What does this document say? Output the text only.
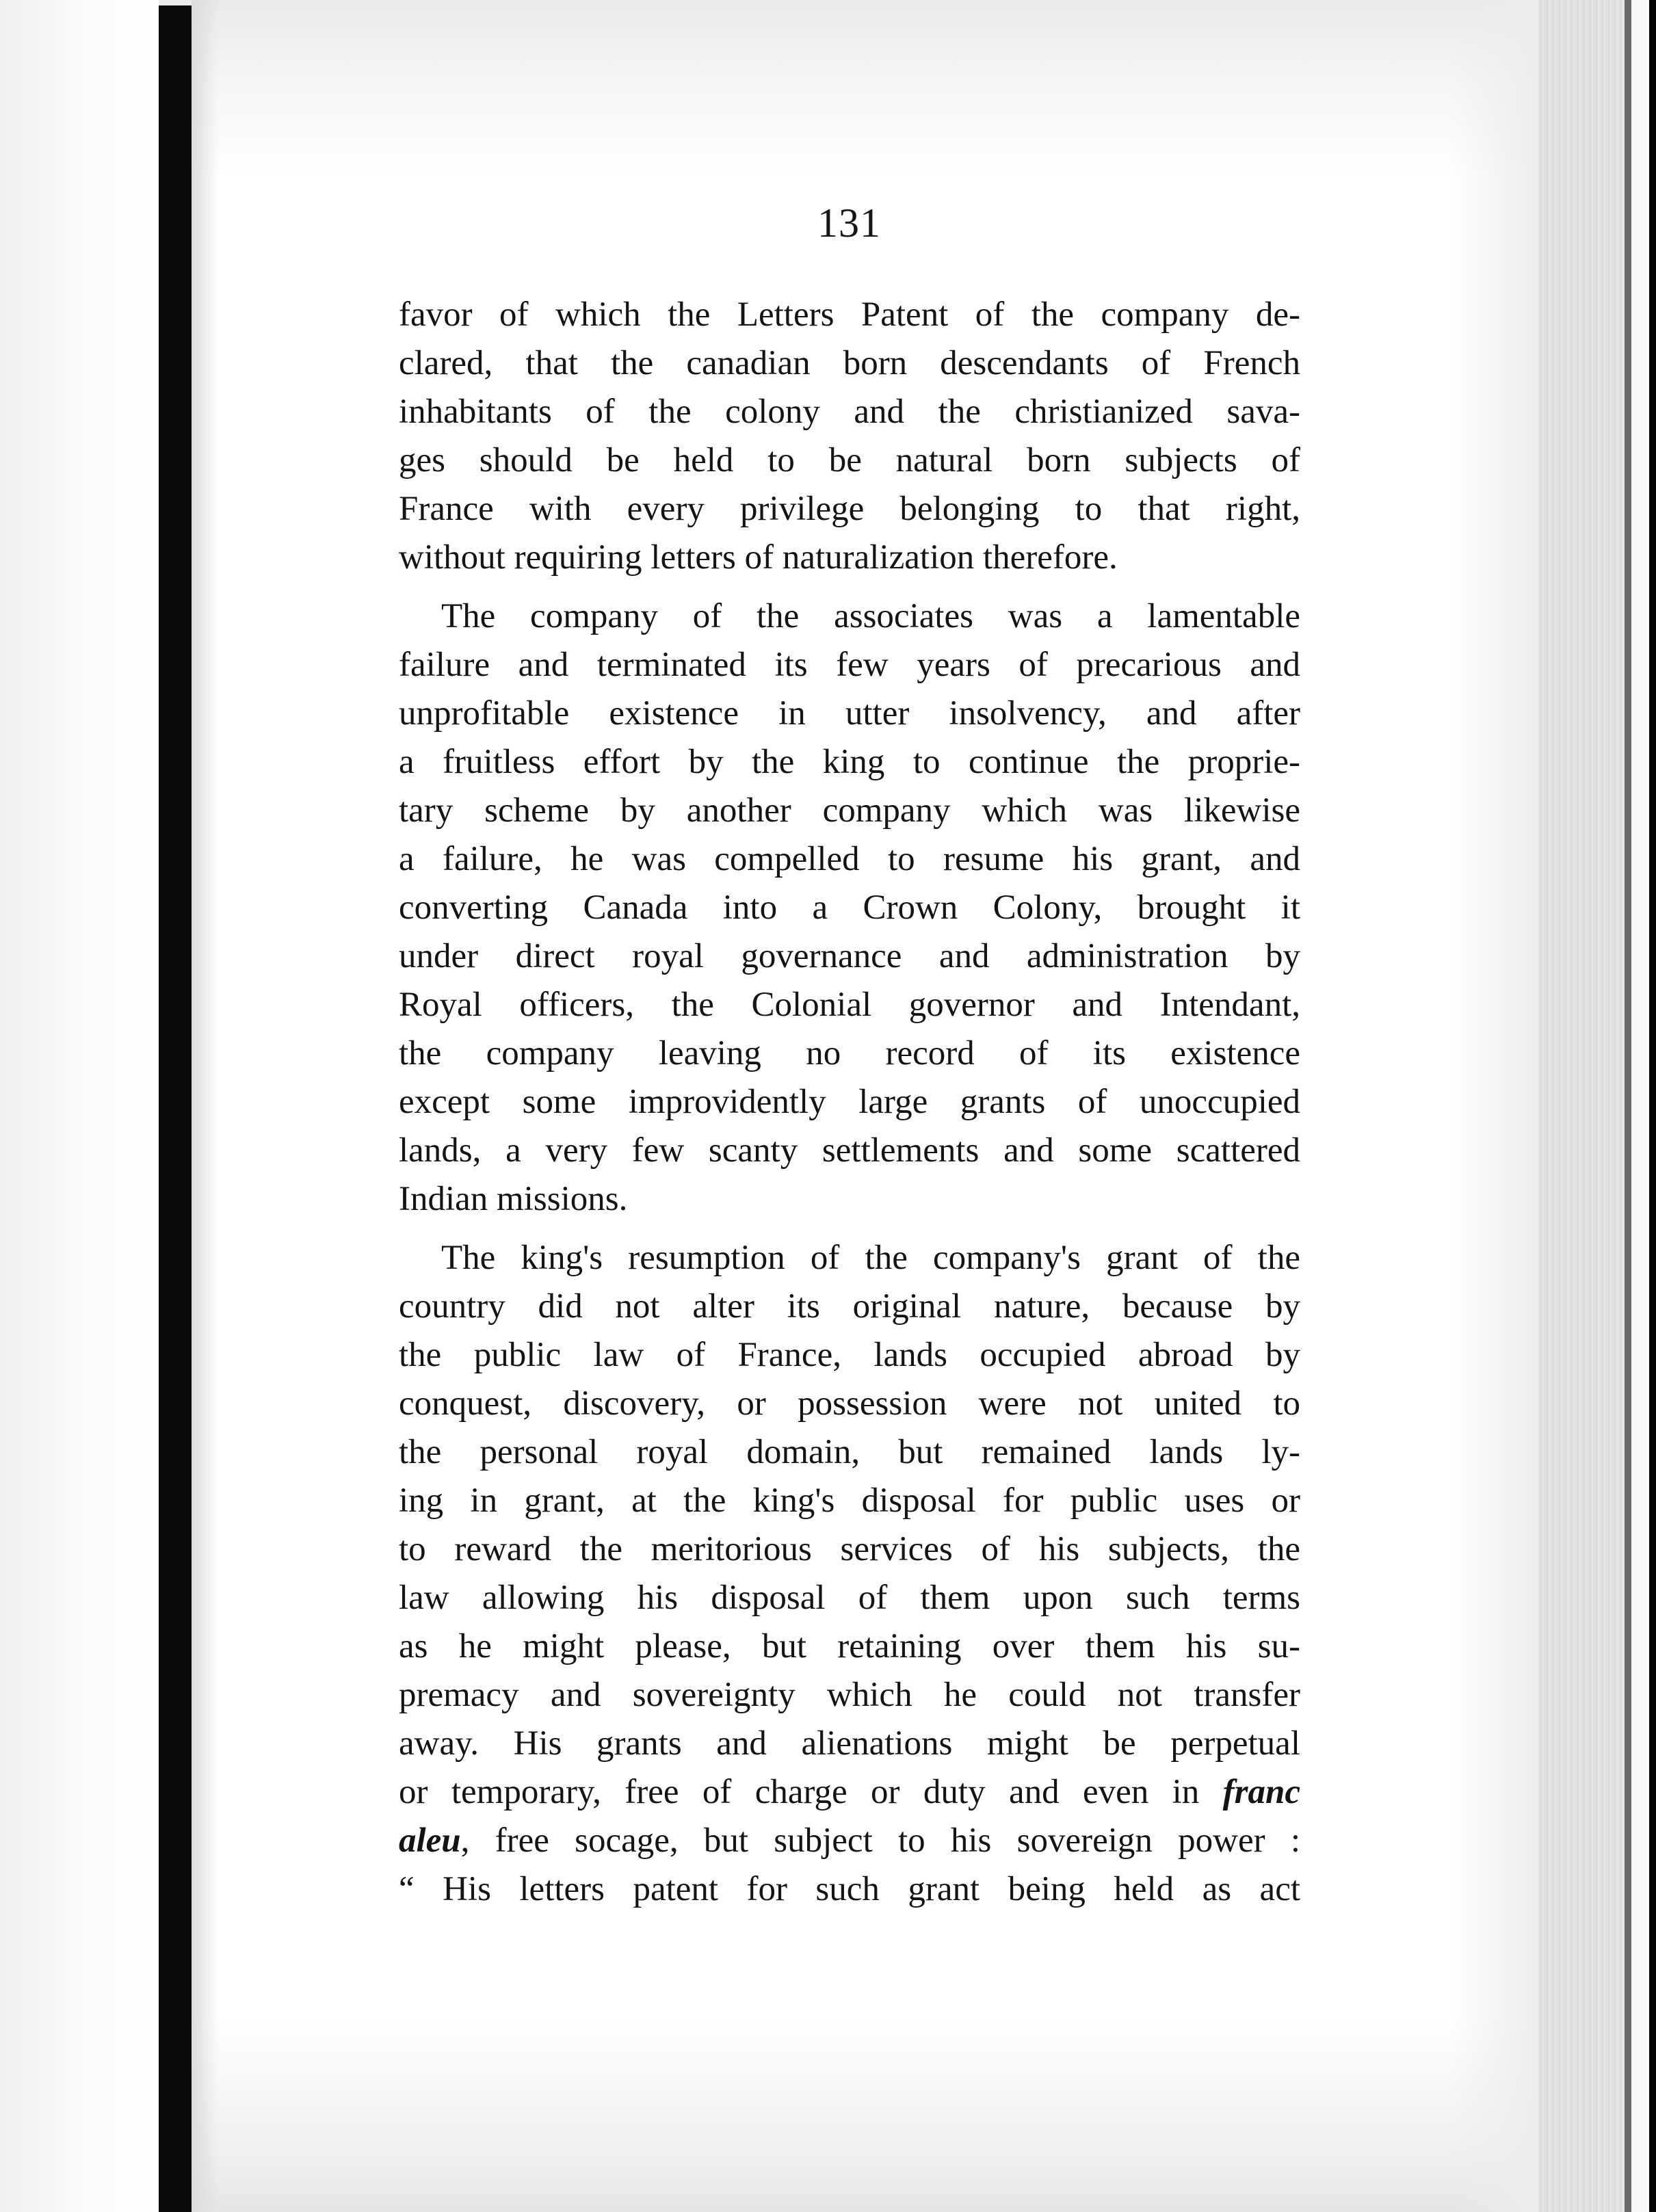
131

favor of which the Letters Patent of the company de-
clared, that the canadian born descendants of French
inhabitants of the colony and the christianized sava-
ges should be held to be natural born subjects of
France with every privilege belonging to that right,
without requiring letters of naturalization therefore.

The company of the associates was a lamentable
failure and terminated its few years of precarious and
unprofitable existence in utter insolvency, and after
a fruitless effort by the king to continue the proprie-
tary scheme by another company which was likewise
a failure, he was compelled to resume his grant, and
converting Canada into a Crown Colony, brought it
under direct royal governance and administration by
Royal officers, the Colonial governor and Intendant,
the company leaving no record of its existence
except some improvidently large grants of unoccupied
lands, a very few scanty settlements and some scattered
Indian missions.

The king's resumption of the company's grant of the
country did not alter its original nature, because by
the public law of France, lands occupied abroad by
conquest, discovery, or possession were not united to
the personal royal domain, but remained lands ly-
ing in grant, at the king's disposal for public uses or
to reward the meritorious services of his subjects, the
law allowing his disposal of them upon such terms
as he might please, but retaining over them his su-
premacy and sovereignty which he could not transfer
away. His grants and alienations might be perpetual
or temporary, free of charge or duty and even in franc
aleu, free socage, but subject to his sovereign power :
“ His letters patent for such grant being held as act
